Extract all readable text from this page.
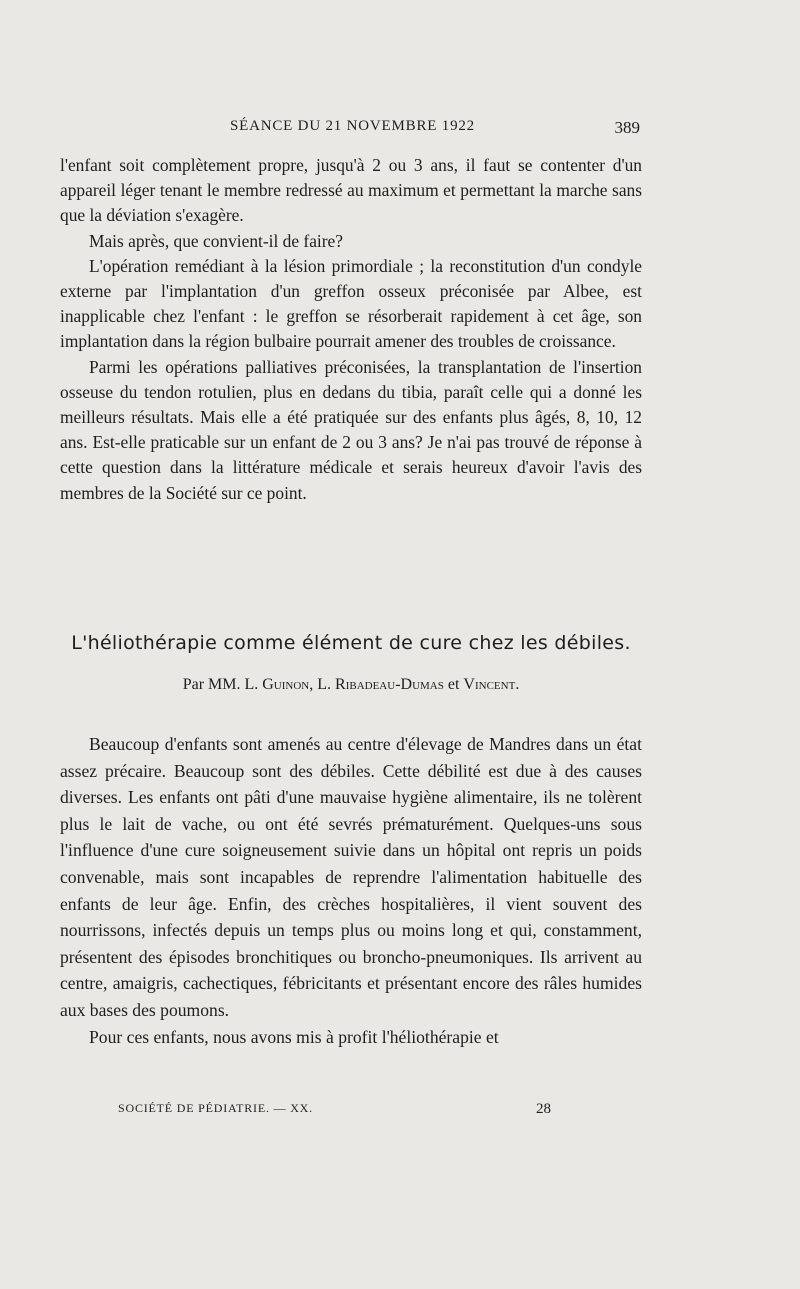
SÉANCE DU 21 NOVEMBRE 1922	389

l'enfant soit complètement propre, jusqu'à 2 ou 3 ans, il faut se contenter d'un appareil léger tenant le membre redressé au maximum et permettant la marche sans que la déviation s'exagère.

Mais après, que convient-il de faire?

L'opération remédiant à la lésion primordiale ; la reconstitution d'un condyle externe par l'implantation d'un greffon osseux préconisée par Albee, est inapplicable chez l'enfant : le greffon se résorberait rapidement à cet âge, son implantation dans la région bulbaire pourrait amener des troubles de croissance.

Parmi les opérations palliatives préconisées, la transplantation de l'insertion osseuse du tendon rotulien, plus en dedans du tibia, paraît celle qui a donné les meilleurs résultats. Mais elle a été pratiquée sur des enfants plus âgés, 8, 10, 12 ans. Est-elle praticable sur un enfant de 2 ou 3 ans? Je n'ai pas trouvé de réponse à cette question dans la littérature médicale et serais heureux d'avoir l'avis des membres de la Société sur ce point.

L'héliothérapie comme élément de cure chez les débiles.
Par MM. L. Guinon, L. Ribadeau-Dumas et Vincent.

Beaucoup d'enfants sont amenés au centre d'élevage de Mandres dans un état assez précaire. Beaucoup sont des débiles. Cette débilité est due à des causes diverses. Les enfants ont pâti d'une mauvaise hygiène alimentaire, ils ne tolèrent plus le lait de vache, ou ont été sevrés prématurément. Quelques-uns sous l'influence d'une cure soigneusement suivie dans un hôpital ont repris un poids convenable, mais sont incapables de reprendre l'alimentation habituelle des enfants de leur âge. Enfin, des crèches hospitalières, il vient souvent des nourrissons, infectés depuis un temps plus ou moins long et qui, constamment, présentent des épisodes bronchitiques ou broncho-pneumoniques. Ils arrivent au centre, amaigris, cachectiques, fébricitants et présentant encore des râles humides aux bases des poumons.

Pour ces enfants, nous avons mis à profit l'héliothérapie et

SOCIÉTÉ DE PÉDIATRIE. — XX.	28
